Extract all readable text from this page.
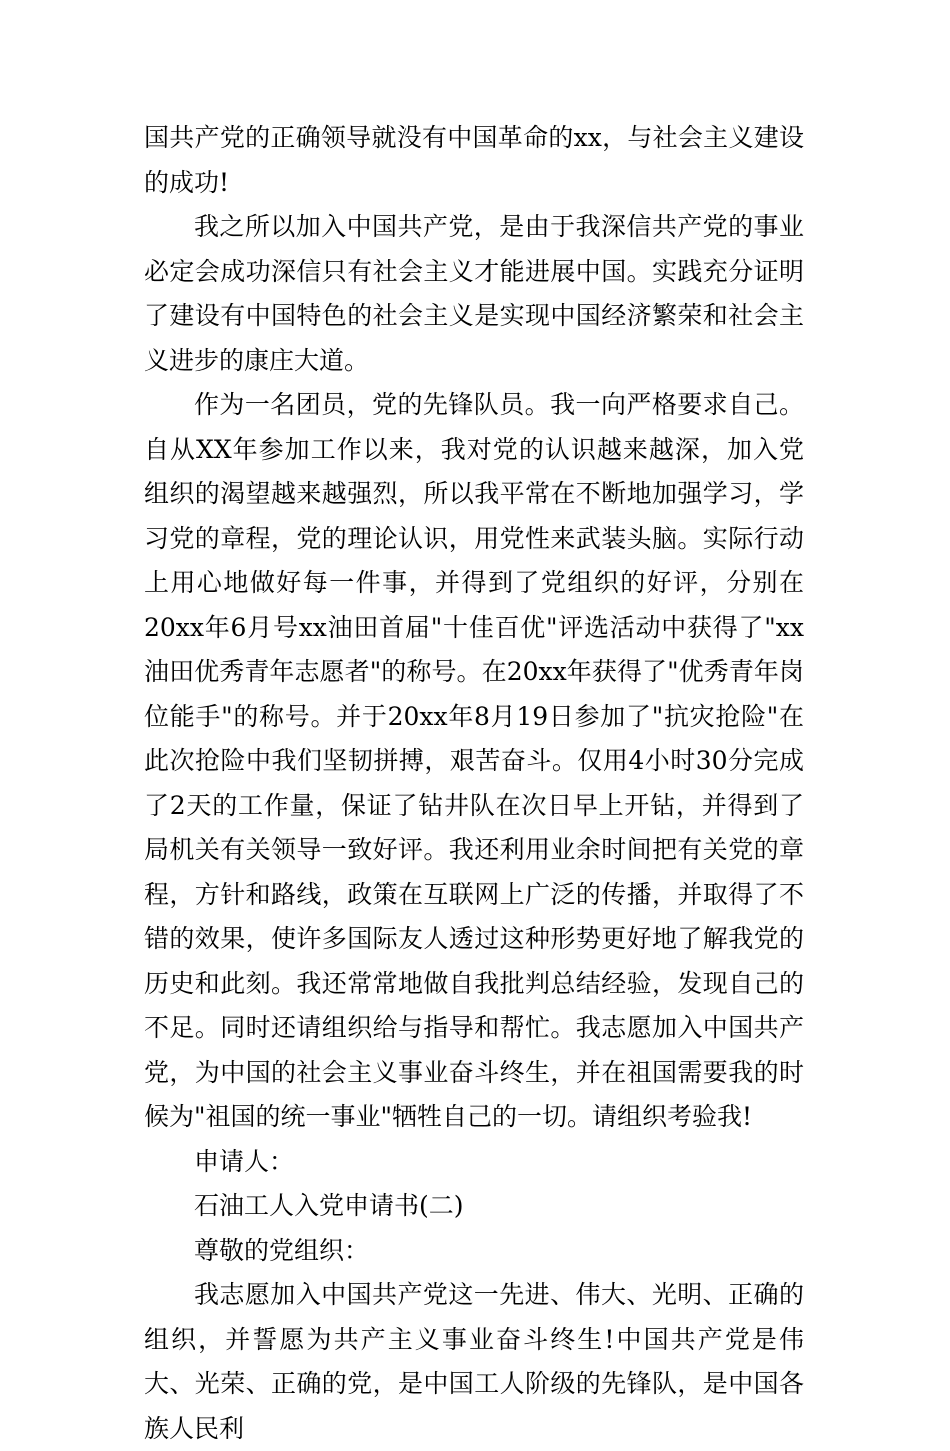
国共产党的正确领导就没有中国革命的xx，与社会主义建设的成功!

我之所以加入中国共产党，是由于我深信共产党的事业必定会成功深信只有社会主义才能进展中国。实践充分证明了建设有中国特色的社会主义是实现中国经济繁荣和社会主义进步的康庄大道。

作为一名团员，党的先锋队员。我一向严格要求自己。自从XX年参加工作以来，我对党的认识越来越深，加入党组织的渴望越来越强烈，所以我平常在不断地加强学习，学习党的章程，党的理论认识，用党性来武装头脑。实际行动上用心地做好每一件事，并得到了党组织的好评，分别在20xx年6月号xx油田首届"十佳百优"评选活动中获得了"xx油田优秀青年志愿者"的称号。在20xx年获得了"优秀青年岗位能手"的称号。并于20xx年8月19日参加了"抗灾抢险"在此次抢险中我们坚韧拼搏，艰苦奋斗。仅用4小时30分完成了2天的工作量，保证了钻井队在次日早上开钻，并得到了局机关有关领导一致好评。我还利用业余时间把有关党的章程，方针和路线，政策在互联网上广泛的传播，并取得了不错的效果，使许多国际友人透过这种形势更好地了解我党的历史和此刻。我还常常地做自我批判总结经验，发现自己的不足。同时还请组织给与指导和帮忙。我志愿加入中国共产党，为中国的社会主义事业奋斗终生，并在祖国需要我的时候为"祖国的统一事业"牺牲自己的一切。请组织考验我!

申请人：

石油工人入党申请书(二)

尊敬的党组织：

我志愿加入中国共产党这一先进、伟大、光明、正确的组织，并誓愿为共产主义事业奋斗终生!中国共产党是伟大、光荣、正确的党，是中国工人阶级的先锋队，是中国各族人民利
